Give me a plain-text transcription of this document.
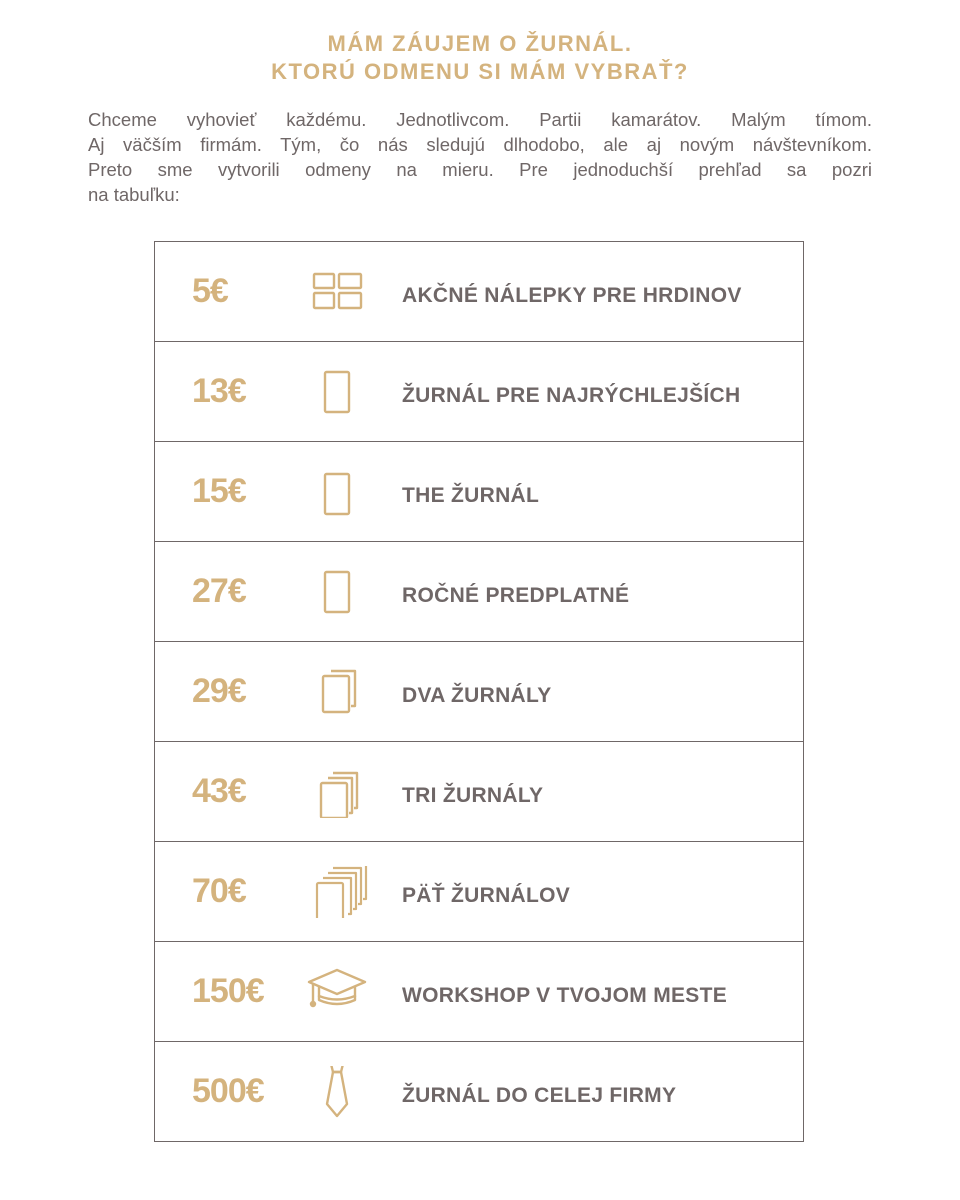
MÁM ZÁUJEM O ŽURNÁL.
KTORÚ ODMENU SI MÁM VYBRAŤ?

Chceme vyhovieť každému. Jednotlivcom. Partii kamarátov. Malým tímom.

Aj väčším firmám. Tým, čo nás sledujú dlhodobo, ale aj novým návštevníkom.

Preto sme vytvorili odmeny na mieru. Pre jednoduchší prehľad sa pozri

na tabuľku:

5€	AKČNÉ NÁLEPKY PRE HRDINOV
13€	ŽURNÁL PRE NAJRÝCHLEJŠÍCH
15€	THE ŽURNÁL
27€	ROČNÉ PREDPLATNÉ
29€	DVA ŽURNÁLY
43€	TRI ŽURNÁLY
70€	PÄŤ ŽURNÁLOV
150€	WORKSHOP V TVOJOM MESTE
500€	ŽURNÁL DO CELEJ FIRMY
